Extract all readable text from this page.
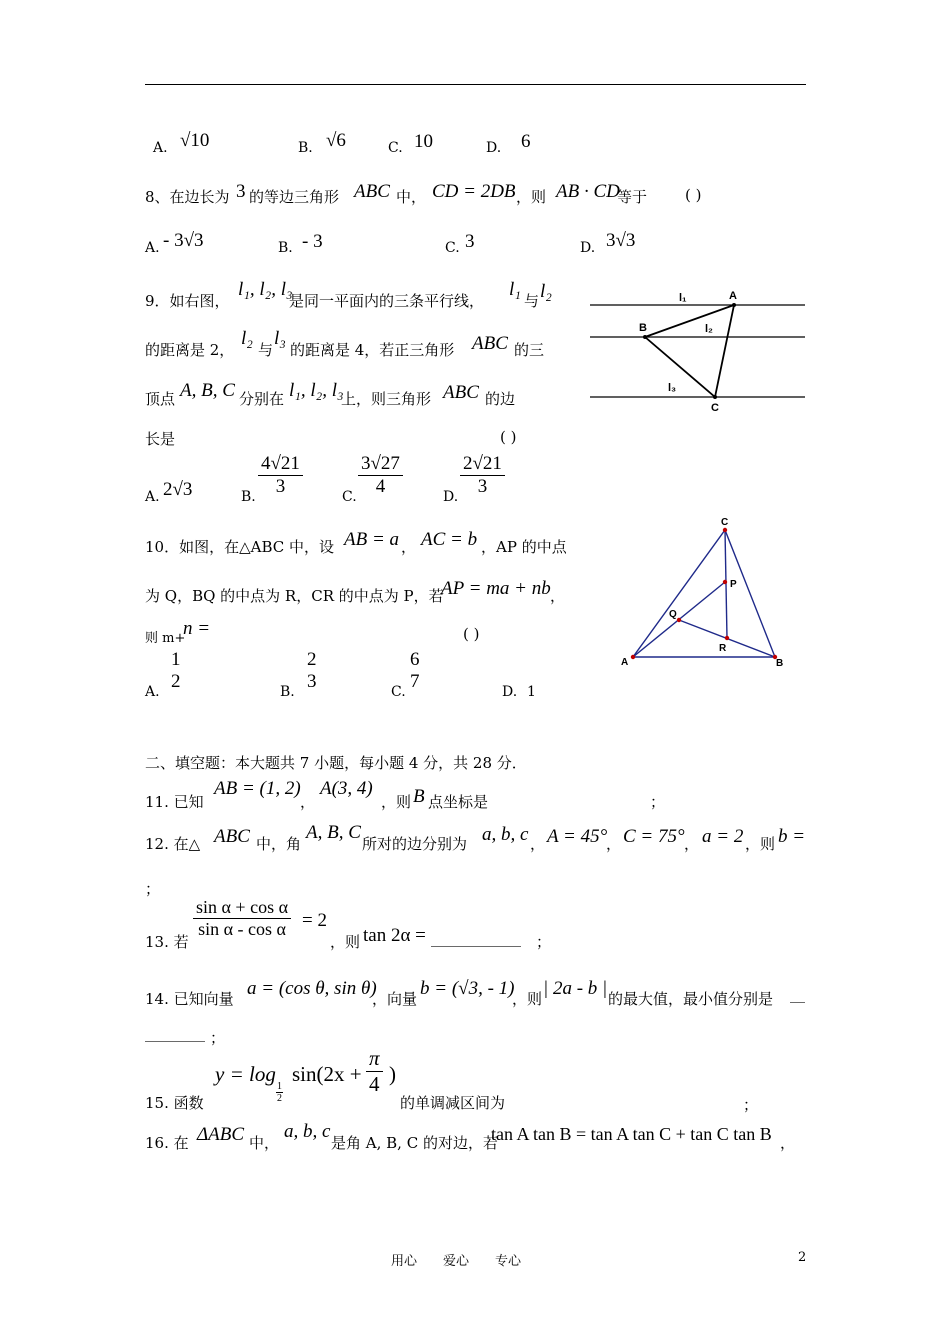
A. √10	B. √6	C. 10	D. 6
8、在边长为 3 的等边三角形 ABC 中， CD = 2DB ，则 AB · CD
等于	( )
A. - 3√3	B. - 3	C. 3	D. 3√3
9．如右图，
l₁, l₂, l₃
是同一平面内的三条平行线，
l₁
与 l₂
的距离是 2，
l₂
与
l₃
的距离是 4，若正三角形 ABC 的三
顶点 A, B, C 分别在 l₁, l₂, l₃
上，则三角形 ABC 的边
长是	( )
A. 2√3	B. $\frac{4√21}{3}$	C. $\frac{3√27}{4}$	D. $\frac{2√21}{3}$
l₁	A
B	l₂
l₃
C
10．如图，在△ABC 中，设 AB = a ， AC = b ，AP 的中点
为 Q，BQ 的中点为 R，CR 的中点为 P，若
AP = ma + nb ，
则 m+
n =	( )
A.
1
2	B.
2
3	C.
6
7	D. 1
A	B
C
P
Q
R
二、填空题：本大题共 7 小题，每小题 4 分，共 28 分．
11. 已知
AB = (1, 2)
，
A(3, 4)
，则 B 点坐标是	；
12. 在△ ABC 中，角
A, B, C
所对的边分别为 a, b, c ， A = 45°
， C = 75° ， a = 2 ，则 b =
；
13. 若
$\frac{\text{sin α + cos α}}{\text{sin α - cos α}} = 2$
，则 tan 2α = ____________ ；
14. 已知向量 a = (cos θ, sin θ)
，向量 b = (√3, - 1)
，则 | 2a - b | 的最大值，最小值分别是 __
________ ；
15. 函数
y = log
$\frac{1}{2}$
$\sin(2x + \frac{\pi}{4}$ )
的单调减区间为	；
16. 在 ΔABC 中，
a, b, c
是角 A, B, C 的对边，若
tan A tan B = tan A tan C + tan C tan B ，
用心　　爱心　　专心	2
